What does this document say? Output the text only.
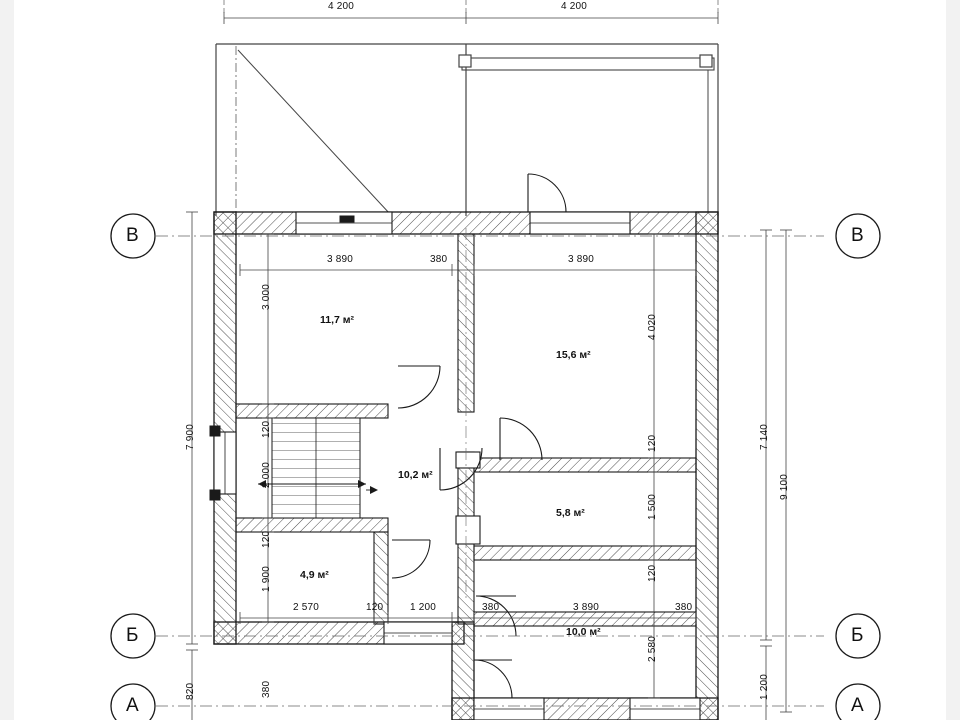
4 200	4 200
3 890	380	3 890
2 570	120	1 200	380	3 890	380
7 900
820	380
3 000
120
2 000
120
1 900
4 020
120
1 500
120
2 580
7 140
9 100
1 200
11,7 м²
15,6 м²
10,2 м²
5,8 м²
4,9 м²
10,0 м²
В
Б
А
В
Б
А
